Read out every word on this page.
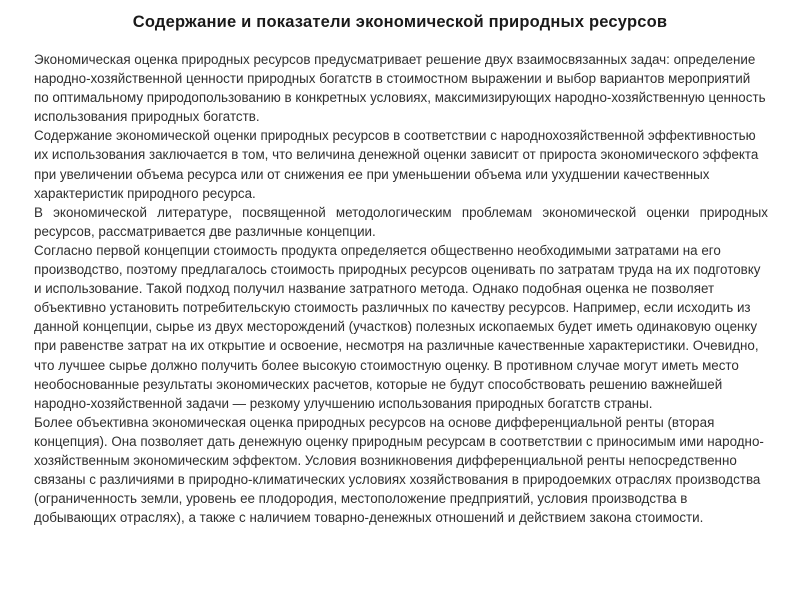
Содержание и показатели экономической природных ресурсов

Экономическая оценка природных ресурсов предусматривает решение двух взаимосвязанных задач: определение народно-хозяйственной ценности природных богатств в стоимостном выражении и выбор вариантов мероприятий по оптимальному природопользованию в конкретных условиях, максимизирующих народно-хозяйственную ценность использования природных богатств.

Содержание экономической оценки природных ресурсов в соответствии с народнохозяйственной эффективностью их использования заключается в том, что величина денежной оценки зависит от прироста экономического эффекта при увеличении объема ресурса или от снижения ее при уменьшении объема или ухудшении качественных характеристик природного ресурса.

В экономической литературе, посвященной методологическим проблемам экономической оценки природных ресурсов, рассматривается две различные концепции.

Согласно первой концепции стоимость продукта определяется общественно необходимыми затратами на его производство, поэтому предлагалось стоимость природных ресурсов оценивать по затратам труда на их подготовку и использование. Такой подход получил название затратного метода. Однако подобная оценка не позволяет объективно установить потребительскую стоимость различных по качеству ресурсов. Например, если исходить из данной концепции, сырье из двух месторождений (участков) полезных ископаемых будет иметь одинаковую оценку при равенстве затрат на их открытие и освоение, несмотря на различные качественные характеристики. Очевидно, что лучшее сырье должно получить более высокую стоимостную оценку. В противном случае могут иметь место необоснованные результаты экономических расчетов, которые не будут способствовать решению важнейшей народно-хозяйственной задачи — резкому улучшению использования природных богатств страны.

Более объективна экономическая оценка природных ресурсов на основе дифференциальной ренты (вторая концепция). Она позволяет дать денежную оценку природным ресурсам в соответствии с приносимым ими народно-хозяйственным экономическим эффектом. Условия возникновения дифференциальной ренты непосредственно связаны с различиями в природно-климатических условиях хозяйствования в природоемких отраслях производства (ограниченность земли, уровень ее плодородия, местоположение предприятий, условия производства в добывающих отраслях), а также с наличием товарно-денежных отношений и действием закона стоимости.
